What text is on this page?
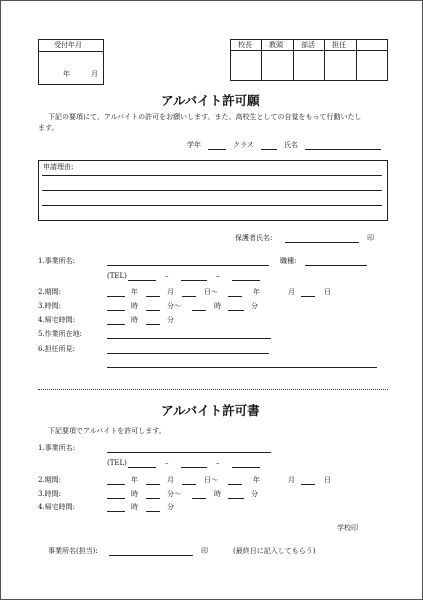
受付年月
年	月
校長 教頭	部活 担任
アルバイト許可願
下記の要項にて、アルバイトの許可をお願いします。また、高校生としての自覚をもって行動いたし
ます。
学年	クラス	氏名
申請理由:
保護者氏名:	印
1.事業所名:	職種:
(TEL)	–	–
2.期間:	年	月	日〜	年	月	日
3.時間:	時	分〜	時	分
4.帰宅時間:	時	分
5.作業所在地:
6.担任所見:
アルバイト許可書
下記要項でアルバイトを許可します。
1.事業所名:
(TEL)	–	–
2.期間:	年	月	日〜	年	月	日
3.時間:	時	分〜	時	分
4.帰宅時間:	時	分
学校印
事業所名(担当):	印	(最終日に記入してもらう)
